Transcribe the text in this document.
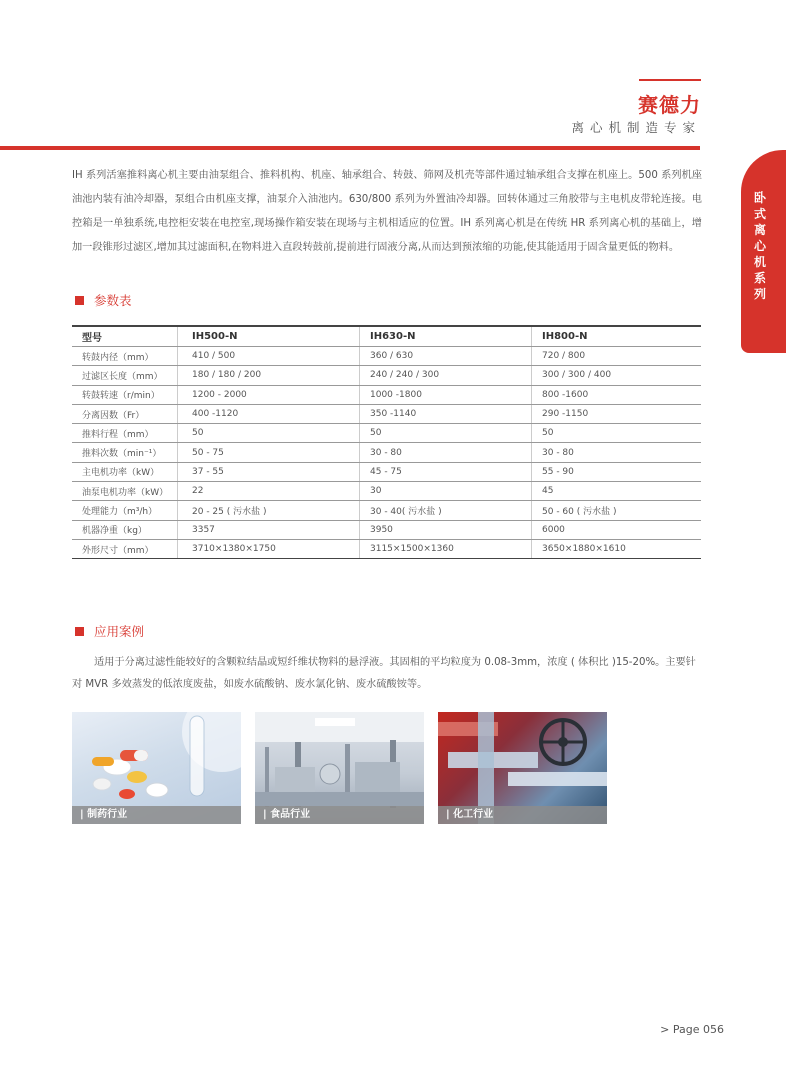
赛德力
离心机制造专家
卧式离心机系列

IH 系列活塞推料离心机主要由油泵组合、推料机构、机座、轴承组合、转鼓、筛网及机壳等部件通过轴承组合支撑在机座上。500 系列机座油池内装有油冷却器，泵组合由机座支撑，油泵介入油池内。630/800 系列为外置油冷却器。回转体通过三角胶带与主电机皮带轮连接。电控箱是一单独系统,电控柜安装在电控室,现场操作箱安装在现场与主机相适应的位置。IH 系列离心机是在传统 HR 系列离心机的基础上，增加一段锥形过滤区,增加其过滤面积,在物料进入直段转鼓前,提前进行固液分离,从而达到预浓缩的功能,使其能适用于固含量更低的物料。

参数表
型号	IH500-N	IH630-N	IH800-N
转鼓内径（mm）	410 / 500	360 / 630	720 / 800
过滤区长度（mm）	180 / 180 / 200	240 / 240 / 300	300 / 300 / 400
转鼓转速（r/min）	1200 - 2000	1000 -1800	800 -1600
分离因数（Fr）	400 -1120	350 -1140	290 -1150
推料行程（mm）	50	50	50
推料次数（min⁻¹）	50 - 75	30 - 80	30 - 80
主电机功率（kW）	37 - 55	45 - 75	55 - 90
油泵电机功率（kW）	22	30	45
处理能力（m³/h）	20 - 25 ( 污水盐 )	30 - 40( 污水盐 )	50 - 60 ( 污水盐 )
机器净重（kg）	3357	3950	6000
外形尺寸（mm）	3710×1380×1750	3115×1500×1360	3650×1880×1610
应用案例

适用于分离过滤性能较好的含颗粒结晶或短纤维状物料的悬浮液。其固相的平均粒度为 0.08-3mm，浓度 ( 体积比 )15-20%。主要针对 MVR 多效蒸发的低浓度废盐，如废水硫酸钠、废水氯化钠、废水硫酸铵等。

| 制药行业	| 食品行业	| 化工行业
> Page 056
